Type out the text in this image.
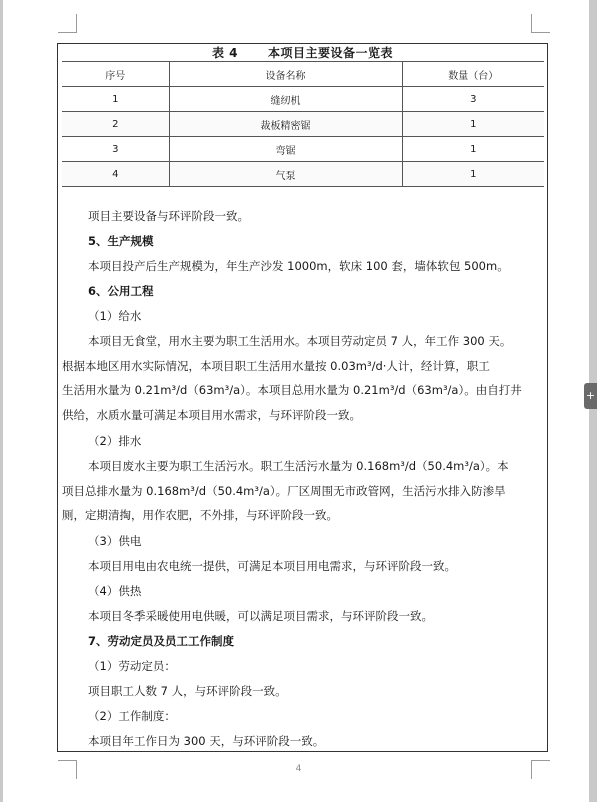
表 4	本项目主要设备一览表
序号	设备名称	数量（台）
1	缝纫机	3
2	裁板精密锯	1
3	弯锯	1
4	气泵	1
项目主要设备与环评阶段一致。
5、生产规模
本项目投产后生产规模为，年生产沙发 1000m，软床 100 套，墙体软包 500m。
6、公用工程
（1）给水
本项目无食堂，用水主要为职工生活用水。本项目劳动定员 7 人，年工作 300 天。
根据本地区用水实际情况，本项目职工生活用水量按 0.03m³/d·人计，经计算，职工
生活用水量为 0.21m³/d（63m³/a）。本项目总用水量为 0.21m³/d（63m³/a）。由自打井
供给，水质水量可满足本项目用水需求，与环评阶段一致。
（2）排水
本项目废水主要为职工生活污水。职工生活污水量为 0.168m³/d（50.4m³/a）。本
项目总排水量为 0.168m³/d（50.4m³/a）。厂区周围无市政管网，生活污水排入防渗旱
厕，定期清掏，用作农肥，不外排，与环评阶段一致。
（3）供电
本项目用电由农电统一提供，可满足本项目用电需求，与环评阶段一致。
（4）供热
本项目冬季采暖使用电供暖，可以满足项目需求，与环评阶段一致。
7、劳动定员及员工工作制度
（1）劳动定员：
项目职工人数 7 人，与环评阶段一致。
（2）工作制度：
本项目年工作日为 300 天，与环评阶段一致。
4
+
